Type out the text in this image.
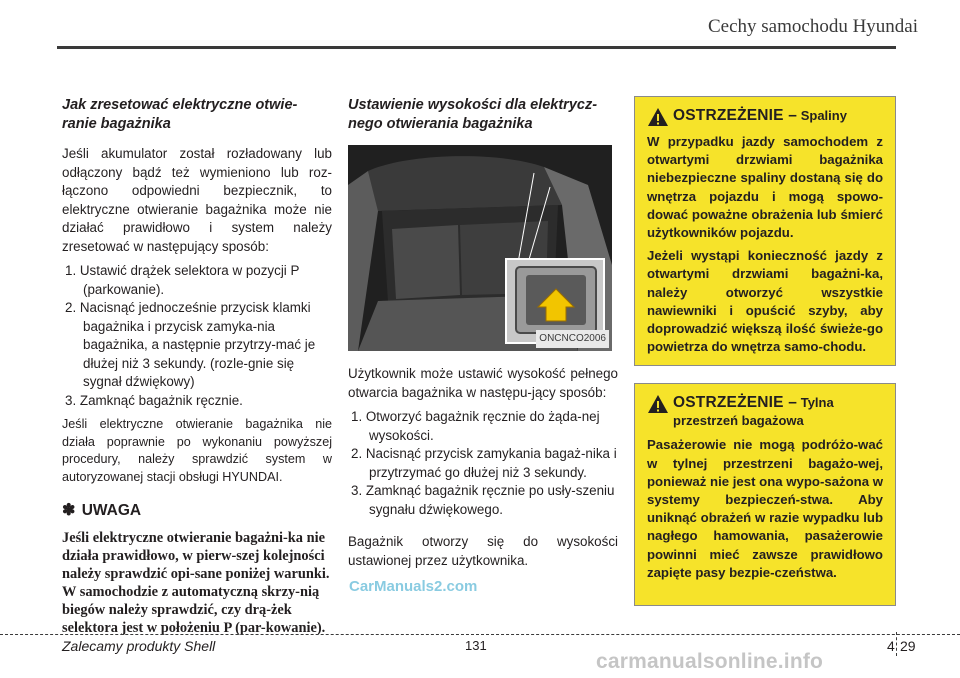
Cechy samochodu Hyundai
Jak zresetować elektryczne otwie-
ranie bagażnika

Jeśli akumulator został rozładowany lub odłączony bądź też wymieniono lub roz-łączono odpowiedni bezpiecznik, to elektryczne otwieranie bagażnika może nie działać prawidłowo i system należy zresetować w następujący sposób:

1. Ustawić drążek selektora w pozycji P (parkowanie).
2. Nacisnąć jednocześnie przycisk klamki bagażnika i przycisk zamyka-nia bagażnika, a następnie przytrzy-mać je dłużej niż 3 sekundy. (rozle-gnie się sygnał dźwiękowy)
3. Zamknąć bagażnik ręcznie.

Jeśli elektryczne otwieranie bagażnika nie działa poprawnie po wykonaniu powyższej procedury, należy sprawdzić system w autoryzowanej stacji obsługi HYUNDAI.

✽ UWAGA

Jeśli elektryczne otwieranie bagażni-ka nie działa prawidłowo, w pierw-szej kolejności należy sprawdzić opi-sane poniżej warunki.

W samochodzie z automatyczną skrzy-nią biegów należy sprawdzić, czy drą-żek selektora jest w położeniu P (par-kowanie).

Ustawienie wysokości dla elektrycz-
nego otwierania bagażnika
ONCNCO2006

Użytkownik może ustawić wysokość pełnego otwarcia bagażnika w następu-jący sposób:

1. Otworzyć bagażnik ręcznie do żąda-nej wysokości.
2. Nacisnąć przycisk zamykania bagaż-nika i przytrzymać go dłużej niż 3 sekundy.
3. Zamknąć bagażnik ręcznie po usły-szeniu sygnału dźwiękowego.

Bagażnik otworzy się do wysokości ustawionej przez użytkownika.

OSTRZEŻENIE – Spaliny

W przypadku jazdy samochodem z otwartymi drzwiami bagażnika niebezpieczne spaliny dostaną się do wnętrza pojazdu i mogą spowo-dować poważne obrażenia lub śmierć użytkowników pojazdu.

Jeżeli wystąpi konieczność jazdy z otwartymi drzwiami bagażni-ka, należy otworzyć wszystkie nawiewniki i opuścić szyby, aby doprowadzić większą ilość świeże-go powietrza do wnętrza samo-chodu.

OSTRZEŻENIE – Tylna przestrzeń bagażowa

Pasażerowie nie mogą podróżo-wać w tylnej przestrzeni bagażo-wej, ponieważ nie jest ona wypo-sażona w systemy bezpieczeń-stwa. Aby uniknąć obrażeń w razie wypadku lub nagłego hamowania, pasażerowie powinni mieć zawsze prawidłowo zapięte pasy bezpie-czeństwa.

Zalecamy produkty Shell	131	4 29
CarManuals2.com
carmanualsonline.info
